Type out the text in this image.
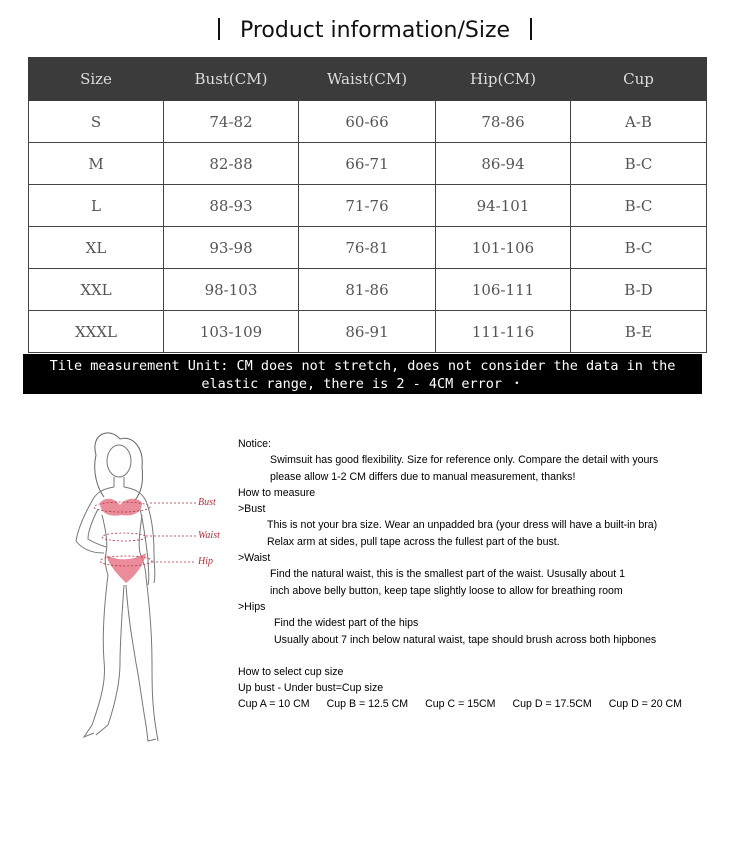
Product information/Size
Size	Bust(CM)	Waist(CM)	Hip(CM)	Cup
S	74-82	60-66	78-86	A-B
M	82-88	66-71	86-94	B-C
L	88-93	71-76	94-101	B-C
XL	93-98	76-81	101-106	B-C
XXL	98-103	81-86	106-111	B-D
XXXL	103-109	86-91	111-116	B-E
Tile measurement Unit: CM does not stretch, does not consider the data in the
elastic range, there is 2 - 4CM error ・
Bust
Waist
Hip

Notice:

Swimsuit has good flexibility. Size for reference only. Compare the detail with yours

please allow 1-2 CM differs due to manual measurement, thanks!

How to measure

>Bust

This is not your bra size. Wear an unpadded bra (your dress will have a built-in bra)

Relax arm at sides, pull tape across the fullest part of the bust.

>Waist

Find the natural waist, this is the smallest part of the waist. Ususally about 1

inch above belly button, keep tape slightly loose to allow for breathing room

>Hips

Find the widest part of the hips

Usually about 7 inch below natural waist, tape should brush across both hipbones

How to select cup size

Up bust - Under bust=Cup size

Cup A = 10 CM Cup B = 12.5 CM Cup C = 15CM Cup D = 17.5CM Cup D = 20 CM
